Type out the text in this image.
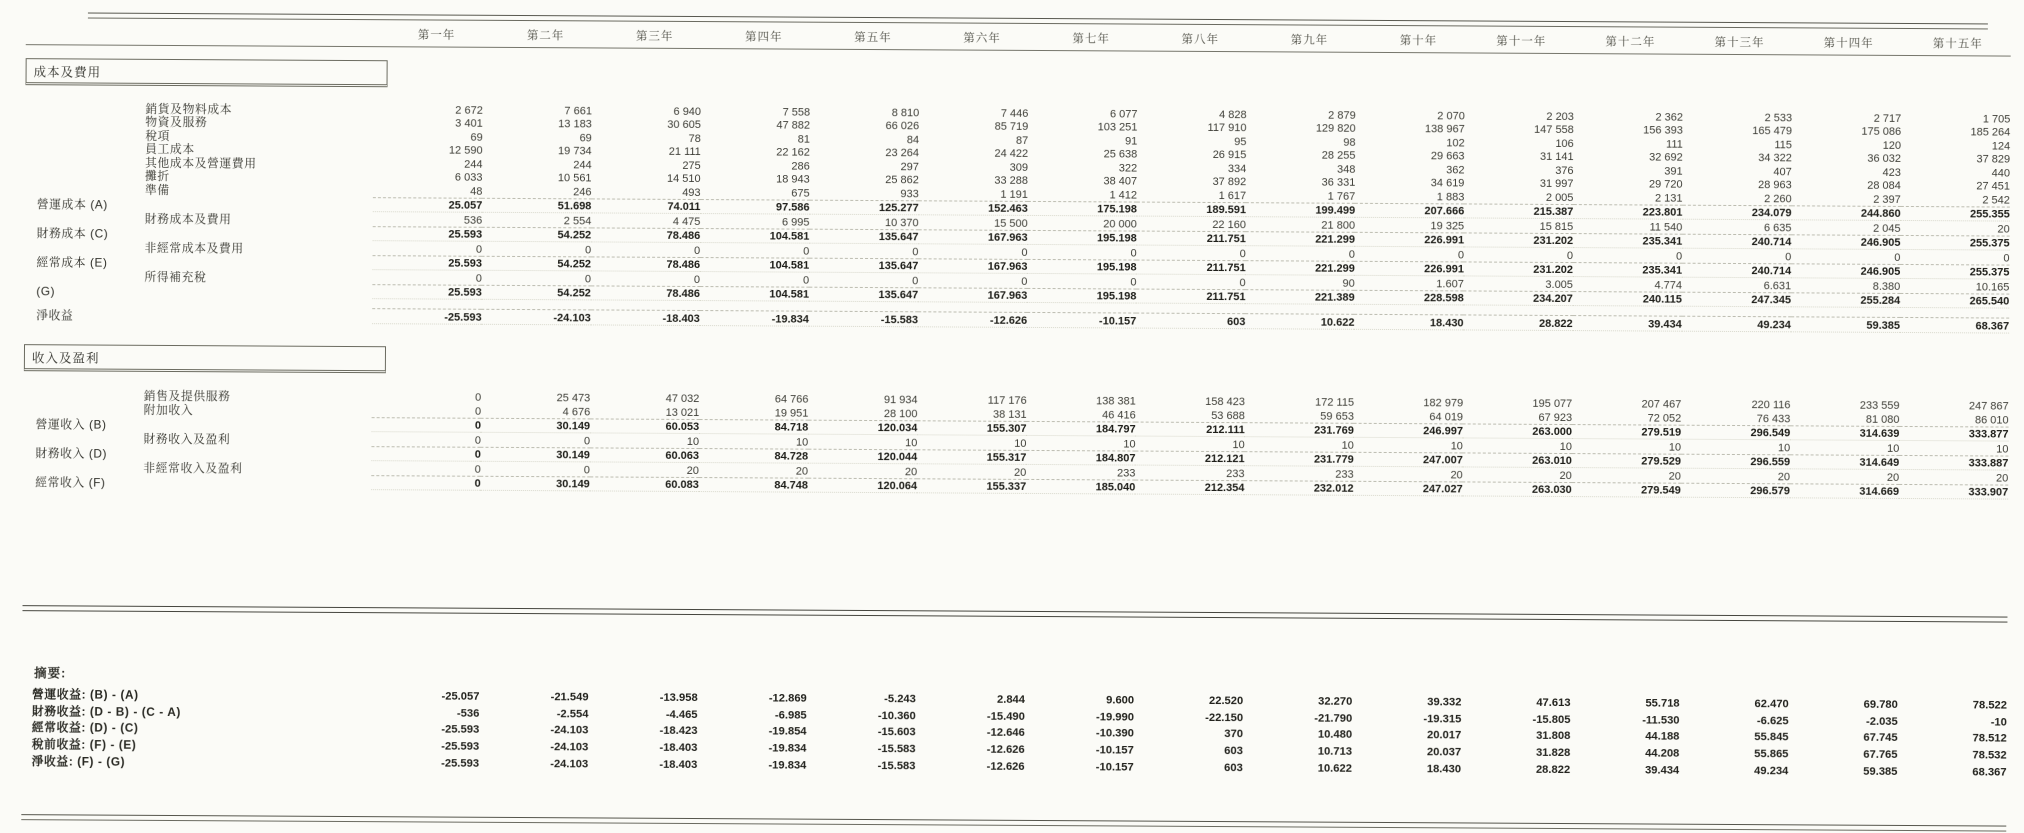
	第一年	第二年	第三年	第四年	第五年	第六年	第七年	第八年	第九年	第十年	第十一年	第十二年	第十三年	第十四年	第十五年

成本及費用															

銷貨及物料成本	2 672	7 661	6 940	7 558	8 810	7 446	6 077	4 828	2 879	2 070	2 203	2 362	2 533	2 717	1 705
物資及服務	3 401	13 183	30 605	47 882	66 026	85 719	103 251	117 910	129 820	138 967	147 558	156 393	165 479	175 086	185 264
稅項	69	69	78	81	84	87	91	95	98	102	106	111	115	120	124
員工成本	12 590	19 734	21 111	22 162	23 264	24 422	25 638	26 915	28 255	29 663	31 141	32 692	34 322	36 032	37 829
其他成本及營運費用	244	244	275	286	297	309	322	334	348	362	376	391	407	423	440
攤折	6 033	10 561	14 510	18 943	25 862	33 288	38 407	37 892	36 331	34 619	31 997	29 720	28 963	28 084	27 451
準備	48	246	493	675	933	1 191	1 412	1 617	1 767	1 883	2 005	2 131	2 260	2 397	2 542
營運成本 (A)	25.057	51.698	74.011	97.586	125.277	152.463	175.198	189.591	199.499	207.666	215.387	223.801	234.079	244.860	255.355
財務成本及費用	536	2 554	4 475	6 995	10 370	15 500	20 000	22 160	21 800	19 325	15 815	11 540	6 635	2 045	20
財務成本 (C)	25.593	54.252	78.486	104.581	135.647	167.963	195.198	211.751	221.299	226.991	231.202	235.341	240.714	246.905	255.375
非經常成本及費用	0	0	0	0	0	0	0	0	0	0	0	0	0	0	0
經常成本 (E)	25.593	54.252	78.486	104.581	135.647	167.963	195.198	211.751	221.299	226.991	231.202	235.341	240.714	246.905	255.375
所得補充稅	0	0	0	0	0	0	0	0	90	1.607	3.005	4.774	6.631	8.380	10.165
(G)	25.593	54.252	78.486	104.581	135.647	167.963	195.198	211.751	221.389	228.598	234.207	240.115	247.345	255.284	265.540

淨收益	-25.593	-24.103	-18.403	-19.834	-15.583	-12.626	-10.157	603	10.622	18.430	28.822	39.434	49.234	59.385	68.367

收入及盈利															

銷售及提供服務	0	25 473	47 032	64 766	91 934	117 176	138 381	158 423	172 115	182 979	195 077	207 467	220 116	233 559	247 867
附加收入	0	4 676	13 021	19 951	28 100	38 131	46 416	53 688	59 653	64 019	67 923	72 052	76 433	81 080	86 010
營運收入 (B)	0	30.149	60.053	84.718	120.034	155.307	184.797	212.111	231.769	246.997	263.000	279.519	296.549	314.639	333.877
財務收入及盈利	0	0	10	10	10	10	10	10	10	10	10	10	10	10	10
財務收入 (D)	0	30.149	60.063	84.728	120.044	155.317	184.807	212.121	231.779	247.007	263.010	279.529	296.559	314.649	333.887
非經常收入及盈利	0	0	20	20	20	20	233	233	233	20	20	20	20	20	20
經常收入 (F)	0	30.149	60.083	84.748	120.064	155.337	185.040	212.354	232.012	247.027	263.030	279.549	296.579	314.669	333.907

摘要:															
營運收益: (B) - (A)	-25.057	-21.549	-13.958	-12.869	-5.243	2.844	9.600	22.520	32.270	39.332	47.613	55.718	62.470	69.780	78.522
財務收益: (D - B) - (C - A)	-536	-2.554	-4.465	-6.985	-10.360	-15.490	-19.990	-22.150	-21.790	-19.315	-15.805	-11.530	-6.625	-2.035	-10
經常收益: (D) - (C)	-25.593	-24.103	-18.423	-19.854	-15.603	-12.646	-10.390	370	10.480	20.017	31.808	44.188	55.845	67.745	78.512
稅前收益: (F) - (E)	-25.593	-24.103	-18.403	-19.834	-15.583	-12.626	-10.157	603	10.713	20.037	31.828	44.208	55.865	67.765	78.532
淨收益: (F) - (G)	-25.593	-24.103	-18.403	-19.834	-15.583	-12.626	-10.157	603	10.622	18.430	28.822	39.434	49.234	59.385	68.367
